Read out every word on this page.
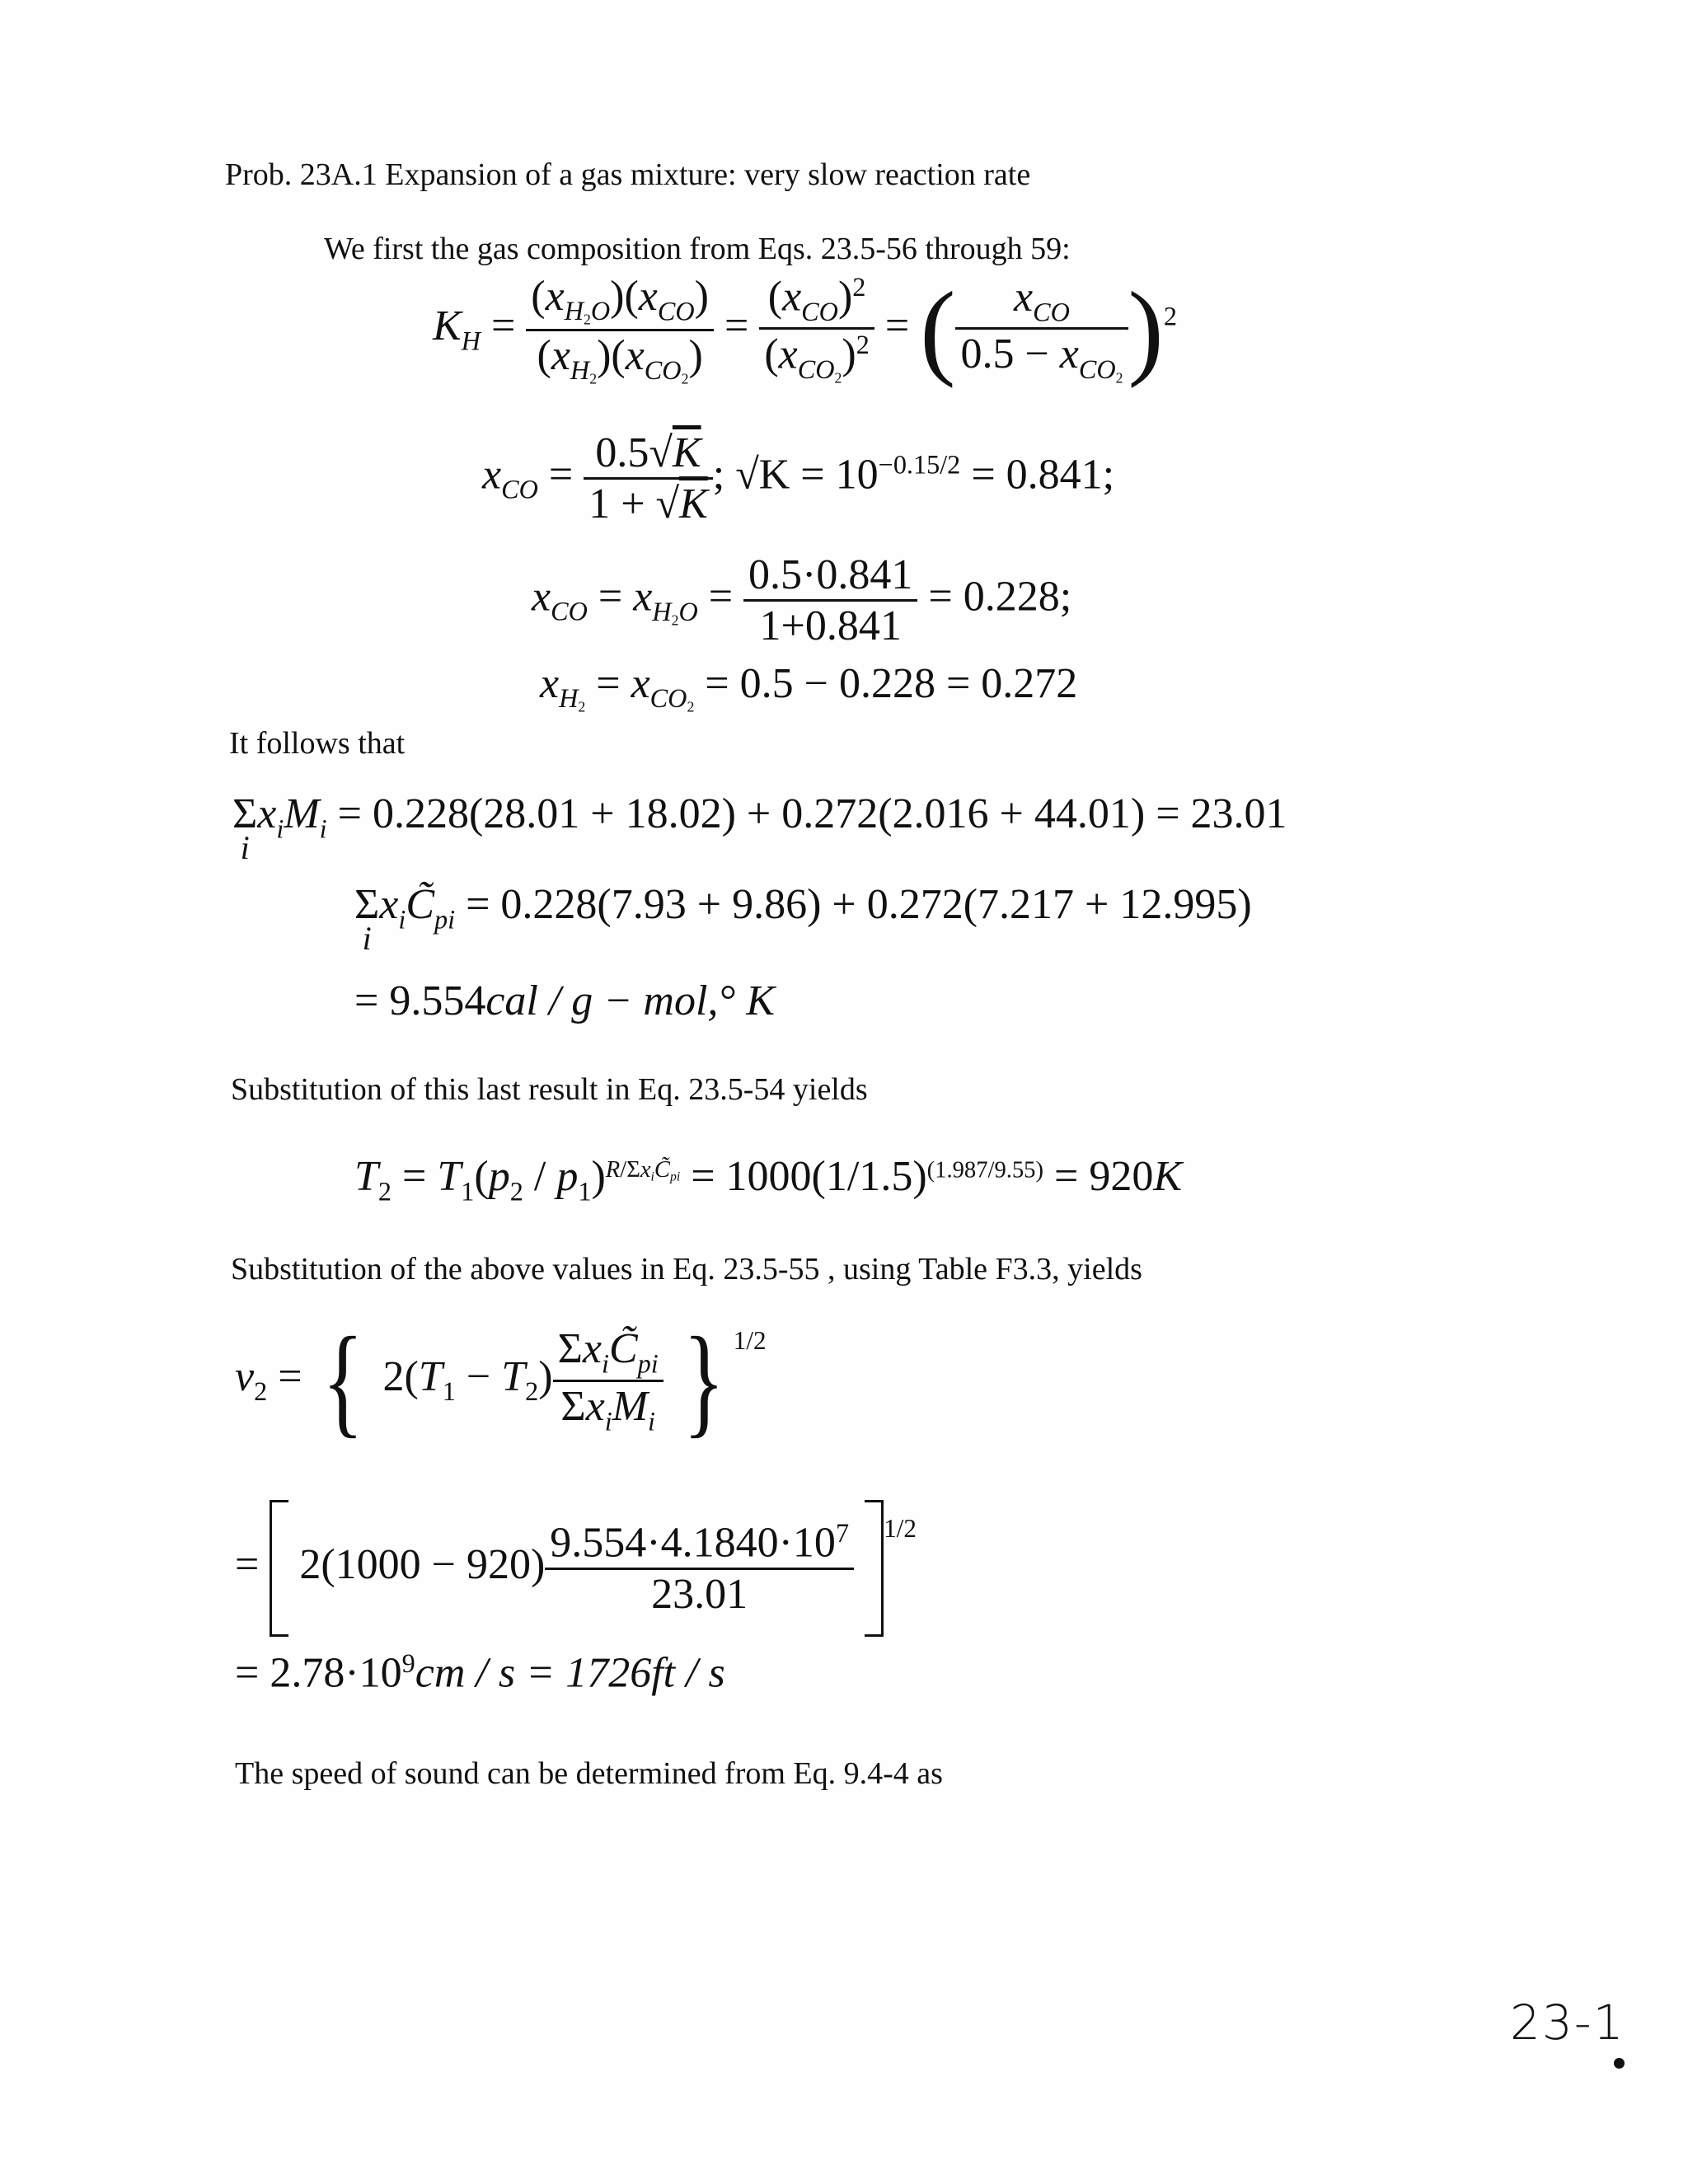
Prob. 23A.1 Expansion of a gas mixture: very slow reaction rate
We first the gas composition from Eqs. 23.5-56 through 59:
$K_H = \frac{(x_{H2O})(x_{CO})}{(x_{H2})(x_{CO2})} = \frac{(x_{CO})^2}{(x_{CO2})^2}$ = ( $\frac{x_{CO}}{0.5 - x_{CO2}} )^2$
$x_{CO} = \frac{0.5√K}{1 + √K}$ ; $√K = 10^{-0.15/2} = 0.841$;
$x_{CO} = x_{H2O} = \frac{0.5\cdot 0.841}{1+0.841} = 0.228$;
$x_{H2} = x_{CO2} = 0.5 - 0.228 = 0.272$
It follows that
Σ

i
$x_iM_i = 0.228(28.01 + 18.02) + 0.272(2.016 + 44.01) = 23.01$
Σ

i
$x_iC̃_{pi} = 0.228(7.93 + 9.86) + 0.272(7.217 + 12.995)$
= 9.554cal / g − mol,° K
Substitution of this last result in Eq. 23.5-54 yields
$T_2 = T_1(p_2 / p_1)^{R/\Sigma xiC̃pi} = 1000(1/1.5)^{(1.987/9.55)} = 920K$
Substitution of the above values in Eq. 23.5-55 , using Table F3.3, yields
$v_2$ = { $2(T_1 - T_2) \frac{\Sigma x_iC̃_{pi}}{\Sigma x_iM_i}$ } $^{1/2}$
=  $2(1000 - 920) \frac{9.554\cdot 4.1840\cdot 10^7}{23.01} ^{1/2}$
= $2.78\cdot 10^9cm / s = 1726ft / s$
The speed of sound can be determined from Eq. 9.4-4 as
23-1
